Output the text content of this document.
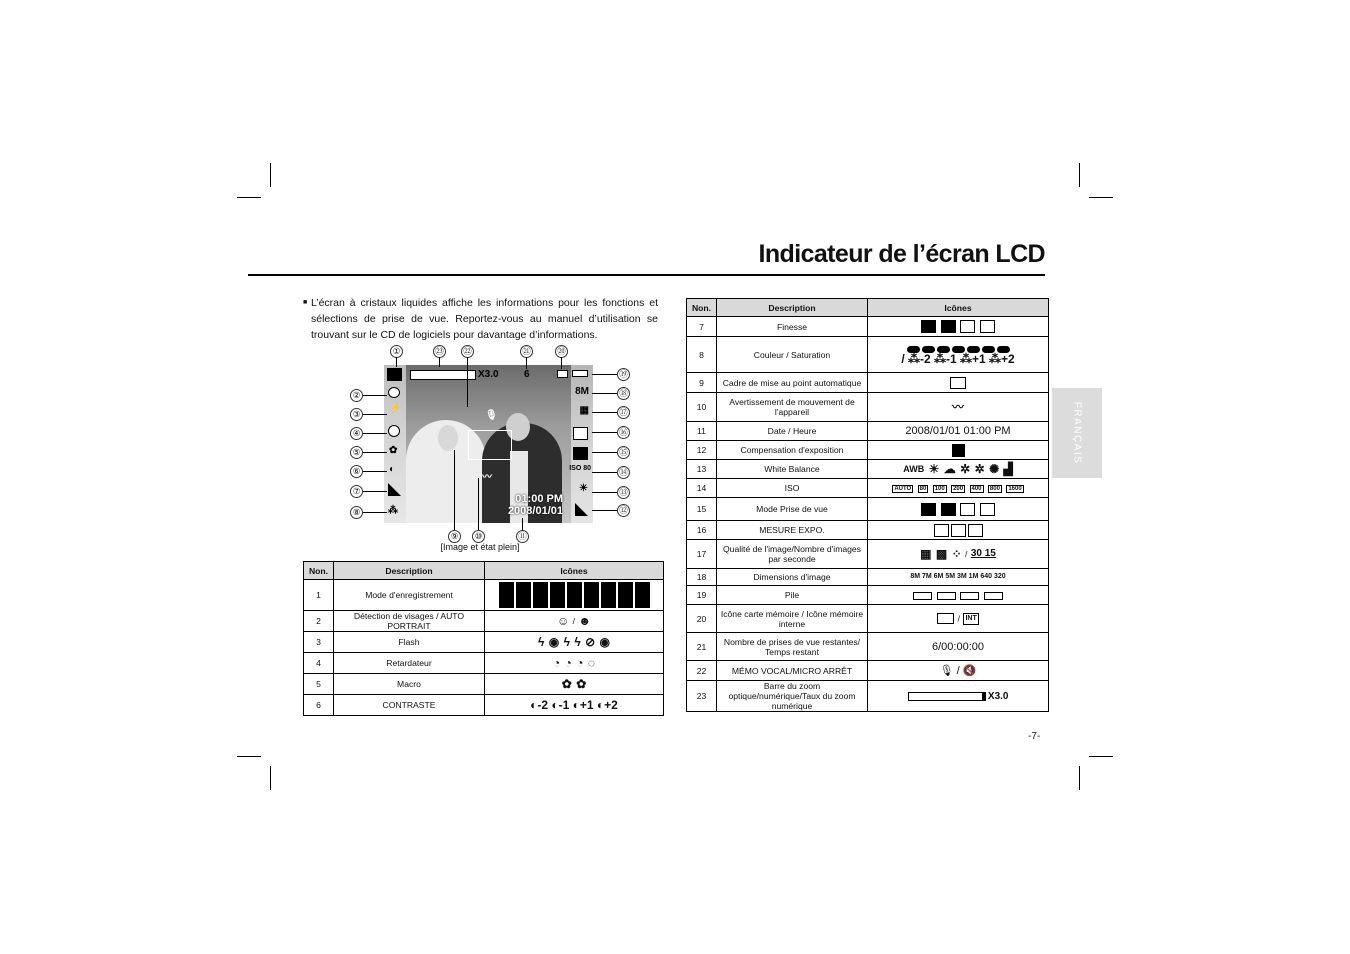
Indicateur de l’écran LCD
FRANÇAIS
■ L’écran à cristaux liquides affiche les informations pour les fonctions et sélections de prise de vue. Reportez-vous au manuel d’utilisation se trouvant sur le CD de logiciels pour davantage d’informations.

X3.0	6
⚡
✿
◐
⁂
8M
▦
ISO 80
☀
🎙
〰
01:00 PM
2008/01/01
①	㉓ ㉒	㉑	⑳
②
③
④
⑤
⑥
⑦
⑧
⑲
⑱
⑰
⑯
⑮
⑭
⑬
⑫
⑨	⑩	⑪
[Image et état plein]
Non.	Description	Icônes
1	Mode d'enregistrement	

2	Détection de visages / AUTO PORTRAIT	☺ / ☻
3	Flash	ϟ ◉ ϟ ϟ ⊘ ◉
4	Retardateur	◔ ◔ ◔ ◌
5	Macro	✿ ✿
6	CONTRASTE	◐-2 ◐-1 ◐+1 ◐+2
Non.	Description	Icônes
7	Finesse	
8	Couleur / Saturation	/ ⁂-2 ⁂-1 ⁂+1 ⁂+2
9	Cadre de mise au point automatique	
10	Avertissement de mouvement de l'appareil	〰
11	Date / Heure	2008/01/01 01:00 PM
12	Compensation d'exposition	
13	White Balance	AWB ☀ ☁ ✲ ✲ ✺ ▟
14	ISO	AUTO 80 100 200 400 800 1600
15	Mode Prise de vue	
16	MESURE EXPO.	
17	Qualité de l'image/Nombre d'images par seconde	▦ ▩ ⁘ / 30 15
18	Dimensions d'image	8M 7M 6M 5M 3M 1M 640 320
19	Pile	
20	Icône carte mémoire / Icône mémoire interne	/ INT
21	Nombre de prises de vue restantes/ Temps restant	6/00:00:00
22	MÉMO VOCAL/MICRO ARRÊT	🎙 / 🔇
23	Barre du zoom optique/numérique/Taux du zoom numérique	X3.0
-7-
